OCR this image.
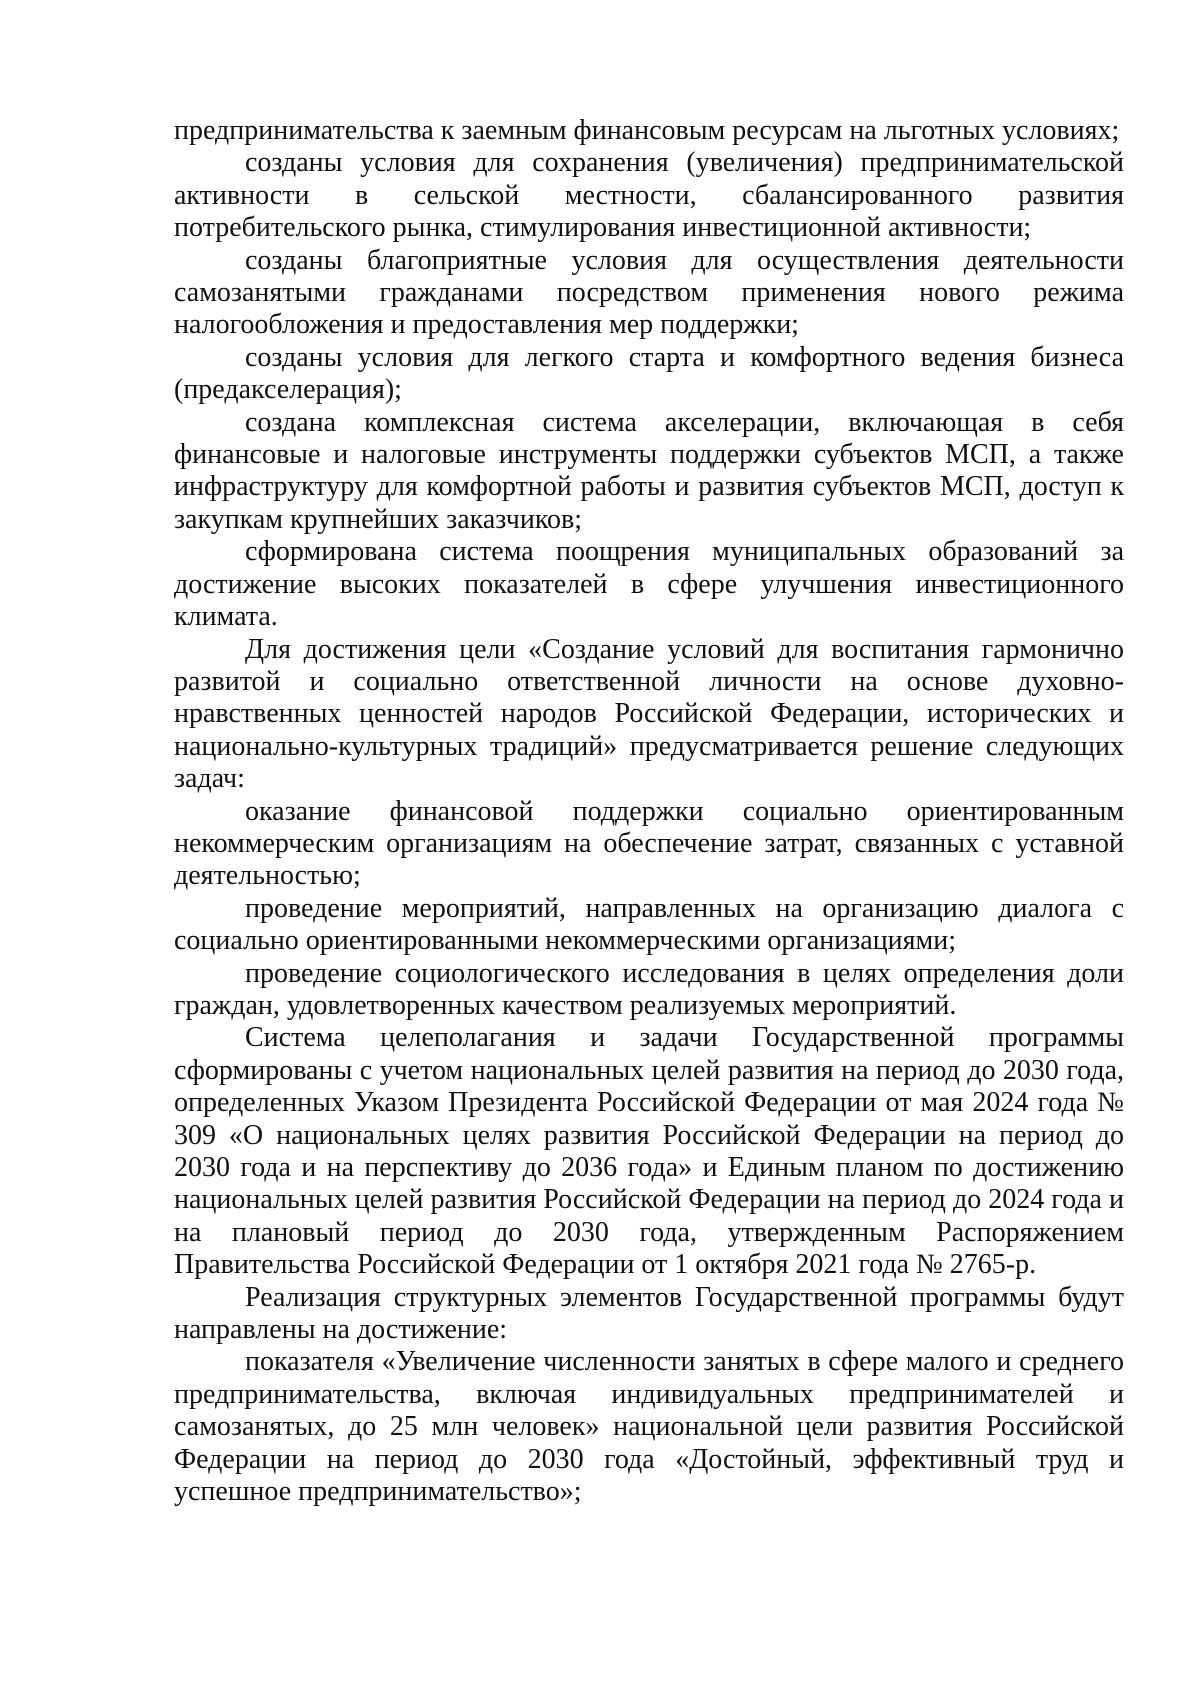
предпринимательства к заемным финансовым ресурсам на льготных условиях;

созданы условия для сохранения (увеличения) предпринимательской активности в сельской местности, сбалансированного развития потребительского рынка, стимулирования инвестиционной активности;

созданы благоприятные условия для осуществления деятельности самозанятыми гражданами посредством применения нового режима налогообложения и предоставления мер поддержки;

созданы условия для легкого старта и комфортного ведения бизнеса (предакселерация);

создана комплексная система акселерации, включающая в себя финансовые и налоговые инструменты поддержки субъектов МСП, а также инфраструктуру для комфортной работы и развития субъектов МСП, доступ к закупкам крупнейших заказчиков;

сформирована система поощрения муниципальных образований за достижение высоких показателей в сфере улучшения инвестиционного климата.

Для достижения цели «Создание условий для воспитания гармонично развитой и социально ответственной личности на основе духовно-нравственных ценностей народов Российской Федерации, исторических и национально-культурных традиций» предусматривается решение следующих задач:

оказание финансовой поддержки социально ориентированным некоммерческим организациям на обеспечение затрат, связанных с уставной деятельностью;

проведение мероприятий, направленных на организацию диалога с социально ориентированными некоммерческими организациями;

проведение социологического исследования в целях определения доли граждан, удовлетворенных качеством реализуемых мероприятий.

Система целеполагания и задачи Государственной программы сформированы с учетом национальных целей развития на период до 2030 года, определенных Указом Президента Российской Федерации от мая 2024 года № 309 «О национальных целях развития Российской Федерации на период до 2030 года и на перспективу до 2036 года» и Единым планом по достижению национальных целей развития Российской Федерации на период до 2024 года и на плановый период до 2030 года, утвержденным Распоряжением Правительства Российской Федерации от 1 октября 2021 года № 2765-р.

Реализация структурных элементов Государственной программы будут направлены на достижение:

показателя «Увеличение численности занятых в сфере малого и среднего предпринимательства, включая индивидуальных предпринимателей и самозанятых, до 25 млн человек» национальной цели развития Российской Федерации на период до 2030 года «Достойный, эффективный труд и успешное предпринимательство»;
